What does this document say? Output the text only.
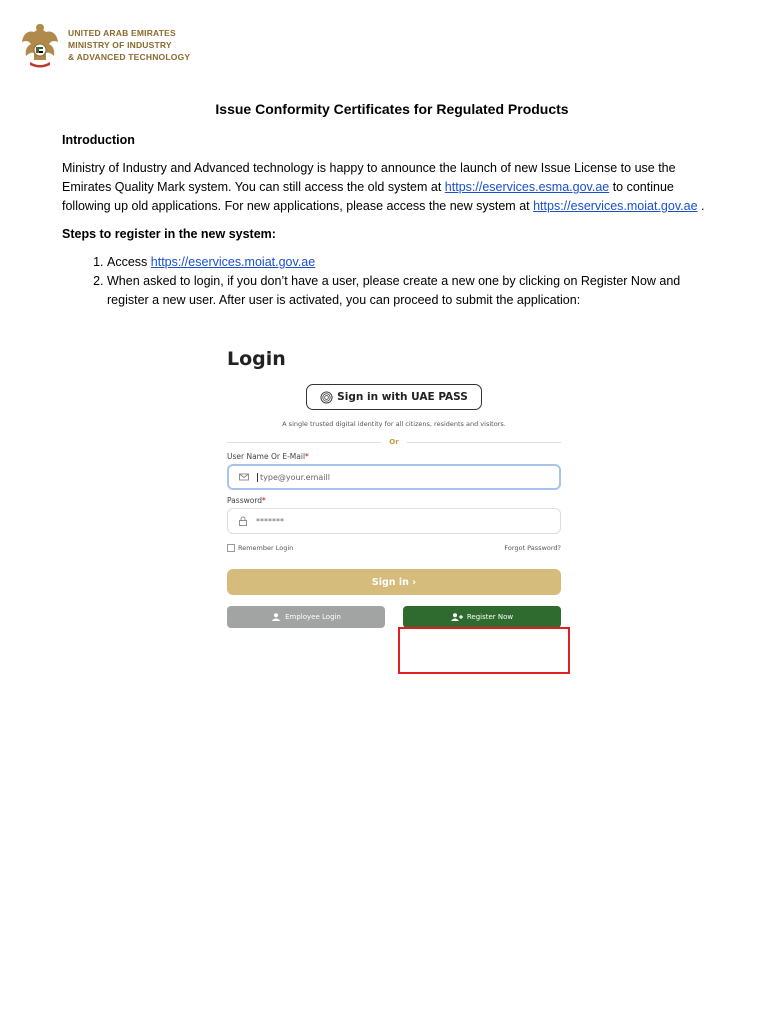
UNITED ARAB EMIRATES
MINISTRY OF INDUSTRY
& ADVANCED TECHNOLOGY
Issue Conformity Certificates for Regulated Products
Introduction

Ministry of Industry and Advanced technology is happy to announce the launch of new Issue License to use the Emirates Quality Mark system. You can still access the old system at https://eservices.esma.gov.ae to continue following up old applications. For new applications, please access the new system at https://eservices.moiat.gov.ae .

Steps to register in the new system:
1. Access https://eservices.moiat.gov.ae
2. When asked to login, if you don’t have a user, please create a new one by clicking on Register Now and register a new user. After user is activated, you can proceed to submit the application:
Login
Sign in with UAE PASS
A single trusted digital identity for all citizens, residents and visitors.
Or
User Name Or E-Mail*
type@your.emaill
Password*
*******
Remember Login	Forgot Password?
Sign in ›
Employee Login	Register Now
